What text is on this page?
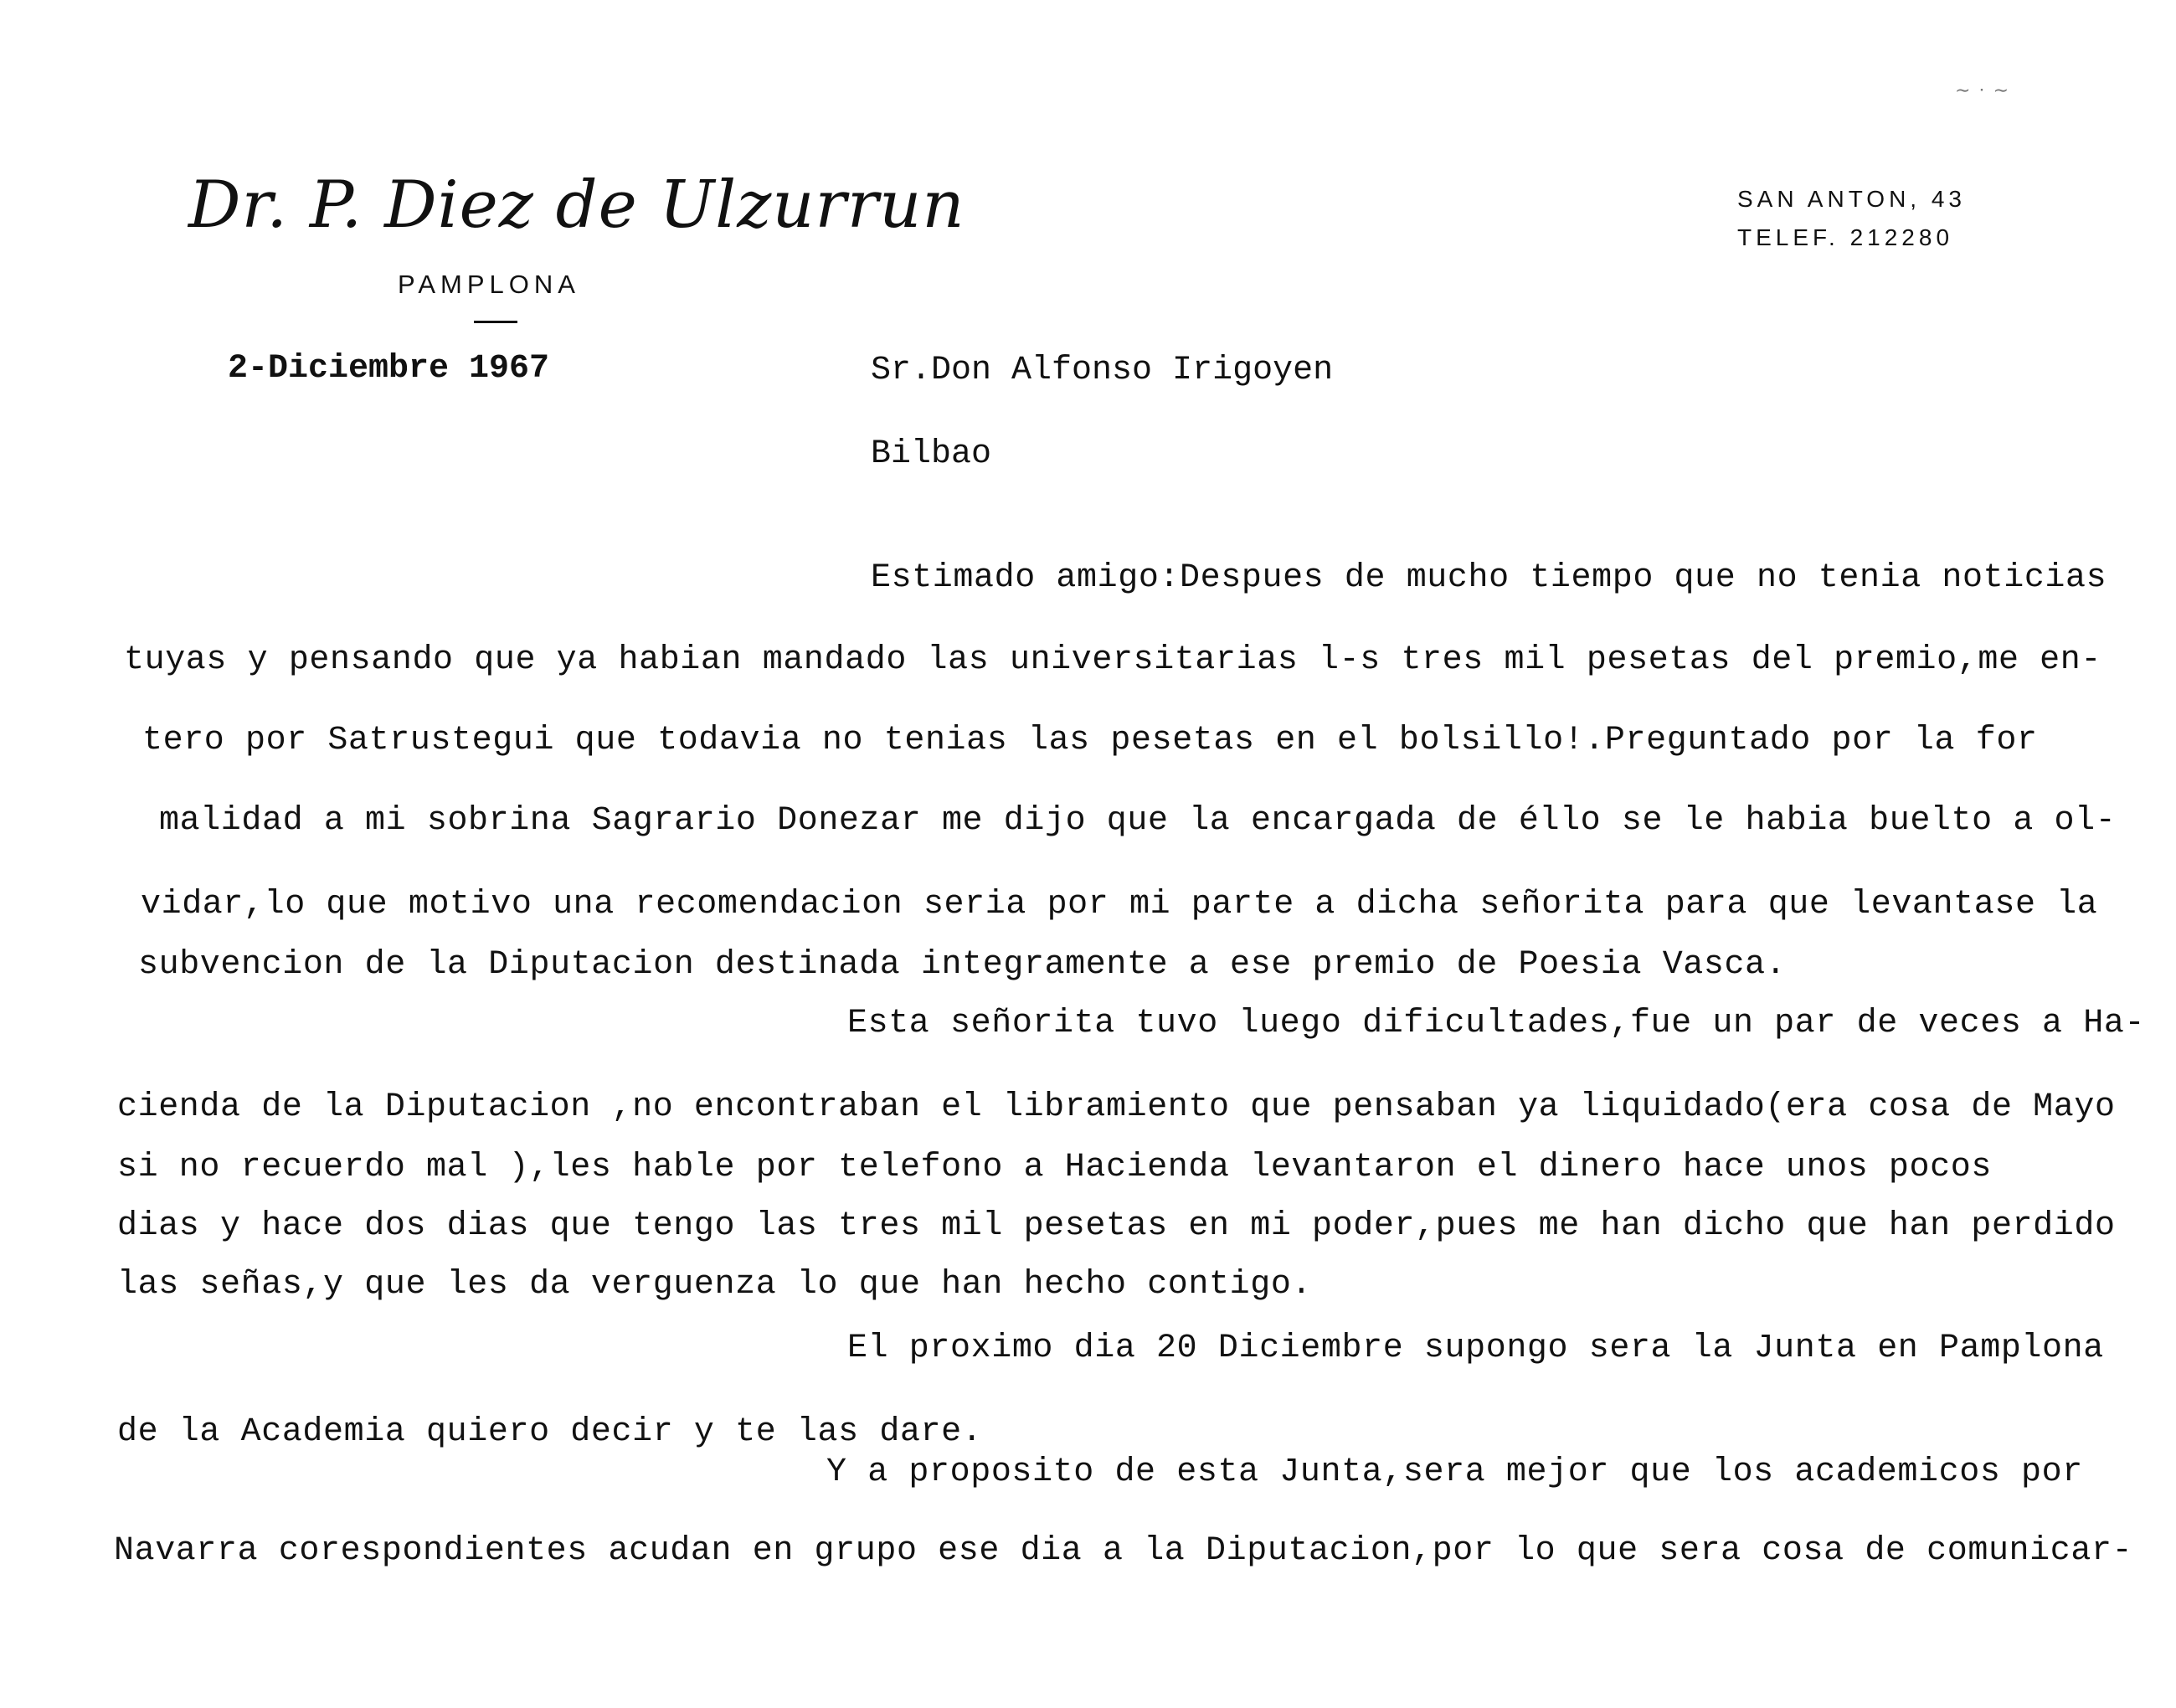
Dr. P. Diez de Ulzurrun
PAMPLONA
SAN ANTON, 43
TELEF. 212280
∼ ⋅ ∼
2-Diciembre 1967	Sr.Don Alfonso Irigoyen
Bilbao
Estimado amigo:Despues de mucho tiempo que no tenia noticias
tuyas y pensando que ya habian mandado las universitarias l-s tres mil pesetas del premio,me en-
tero por Satrustegui que todavia no tenias las pesetas en el bolsillo!.Preguntado por la for
malidad a mi sobrina Sagrario Donezar me dijo que la encargada de éllo se le habia buelto a ol-
vidar,lo que motivo una recomendacion seria por mi parte a dicha señorita para que levantase la
subvencion de la Diputacion destinada integramente a ese premio de Poesia Vasca.
Esta señorita tuvo luego dificultades,fue un par de veces a Ha-
cienda de la Diputacion ,no encontraban el libramiento que pensaban ya liquidado(era cosa de Mayo
si no recuerdo mal ),les hable por telefono a Hacienda levantaron el dinero hace unos pocos
dias y hace dos dias que tengo las tres mil pesetas en mi poder,pues me han dicho que han perdido
las señas,y que les da verguenza lo que han hecho contigo.
El proximo dia 20 Diciembre supongo sera la Junta en Pamplona
de la Academia quiero decir y te las dare.
Y a proposito de esta Junta,sera mejor que los academicos por
Navarra corespondientes acudan en grupo ese dia a la Diputacion,por lo que sera cosa de comunicar-
